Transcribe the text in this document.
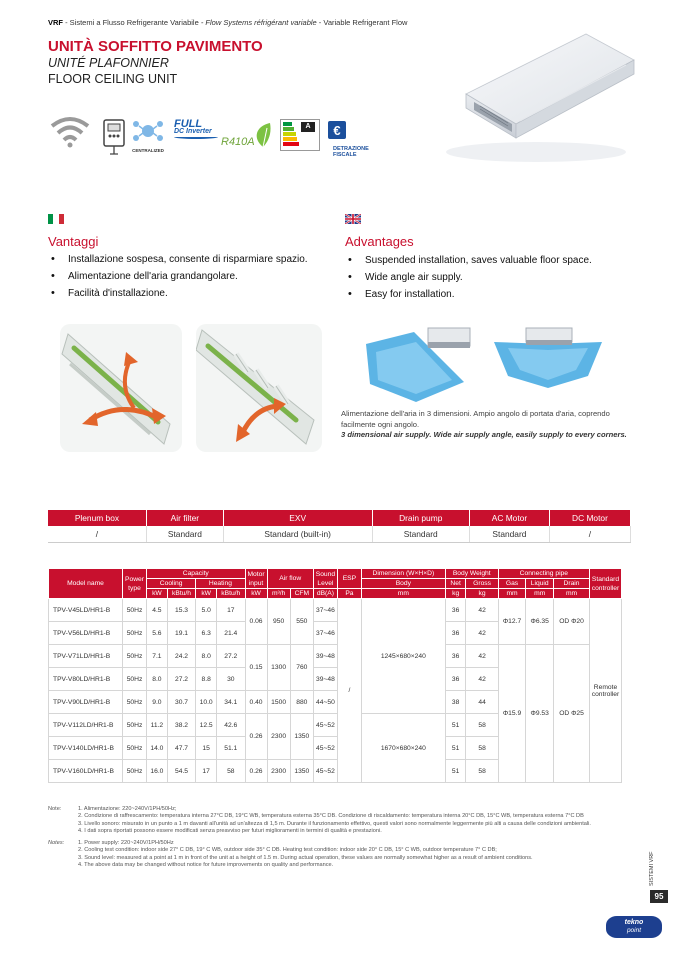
VRF - Sistemi a Flusso Refrigerante Variabile - Flow Systems réfrigérant variable - Variable Refrigerant Flow
UNITÀ SOFFITTO PAVIMENTO
UNITÉ PLAFONNIER
FLOOR CEILING UNIT
CENTRALIZED
FULL
DC Inverter
R410A
A	€
DETRAZIONE FISCALE
Vantaggi
• Installazione sospesa, consente di risparmiare spazio.
• Alimentazione dell'aria grandangolare.
• Facilità d'installazione.
Advantages
• Suspended installation, saves valuable floor space.
• Wide angle air supply.
• Easy for installation.
Alimentazione dell'aria in 3 dimensioni. Ampio angolo di portata d'aria, coprendo facilmente ogni angolo.
3 dimensional air supply. Wide air supply angle, easily supply to every corners.
Plenum box	Air filter	EXV	Drain pump	AC Motor	DC Motor
/	Standard	Standard (built-in)	Standard	Standard	/
Model name	Power type	Capacity				Motor input	Air flow		Sound Level	ESP	Dimension (W×H×D)	Body Weight		Connecting pipe			Standard controller
		Cooling		Heating							Body	Net	Gross	Gas	Liquid	Drain	
		kW	kBtu/h	kW	kBtu/h	kW	m³/h	CFM	dB(A)	Pa	mm	kg	kg	mm	mm	mm	
TPV-V45LD/HR1-B	50Hz	4.5	15.3	5.0	17	0.06	950	550	37~46	/	1245×680×240	36	42	Φ12.7	Φ6.35	OD Φ20	Remote controller
TPV-V56LD/HR1-B	50Hz	5.6	19.1	6.3	21.4				37~46			36	42				
TPV-V71LD/HR1-B	50Hz	7.1	24.2	8.0	27.2	0.15	1300	760	39~48			36	42	Φ15.9	Φ9.53	OD Φ25	
TPV-V80LD/HR1-B	50Hz	8.0	27.2	8.8	30				39~48			36	42				
TPV-V90LD/HR1-B	50Hz	9.0	30.7	10.0	34.1	0.40	1500	880	44~50			38	44				
TPV-V112LD/HR1-B	50Hz	11.2	38.2	12.5	42.6	0.26	2300	1350	45~52		1670×680×240	51	58				
TPV-V140LD/HR1-B	50Hz	14.0	47.7	15	51.1				45~52			51	58				
TPV-V160LD/HR1-B	50Hz	16.0	54.5	17	58	0.26	2300	1350	45~52			51	58				
Note:	1. Alimentazione: 220~240V/1PH/50Hz;
2. Condizione di raffrescamento: temperatura interna 27°C DB, 19°C WB, temperatura esterna 35°C DB. Condizione di riscaldamento: temperatura interna 20°C DB, 15°C WB, temperatura esterna 7°C DB
3. Livello sonoro: misurato in un punto a 1 m davanti all'unità ad un'altezza di 1,5 m. Durante il funzionamento effettivo, questi valori sono normalmente leggermente più alti a causa delle condizioni ambientali.
4. I dati sopra riportati possono essere modificati senza preavviso per futuri miglioramenti in termini di qualità e prestazioni.
Notes:	1. Power supply: 220~240V/1PH/50Hz
2. Cooling test condition: indoor side 27° C DB, 19° C WB, outdoor side 35° C DB. Heating test condition: indoor side 20° C DB, 15° C WB, outdoor temperature 7° C DB;
3. Sound level: measured at a point at 1 m in front of the unit at a height of 1.5 m. During actual operation, these values are normally somewhat higher as a result of ambient conditions.
4. The above data may be changed without notice for future improvements on quality and performance.	SISTEMI VRF
95
tekno
point
